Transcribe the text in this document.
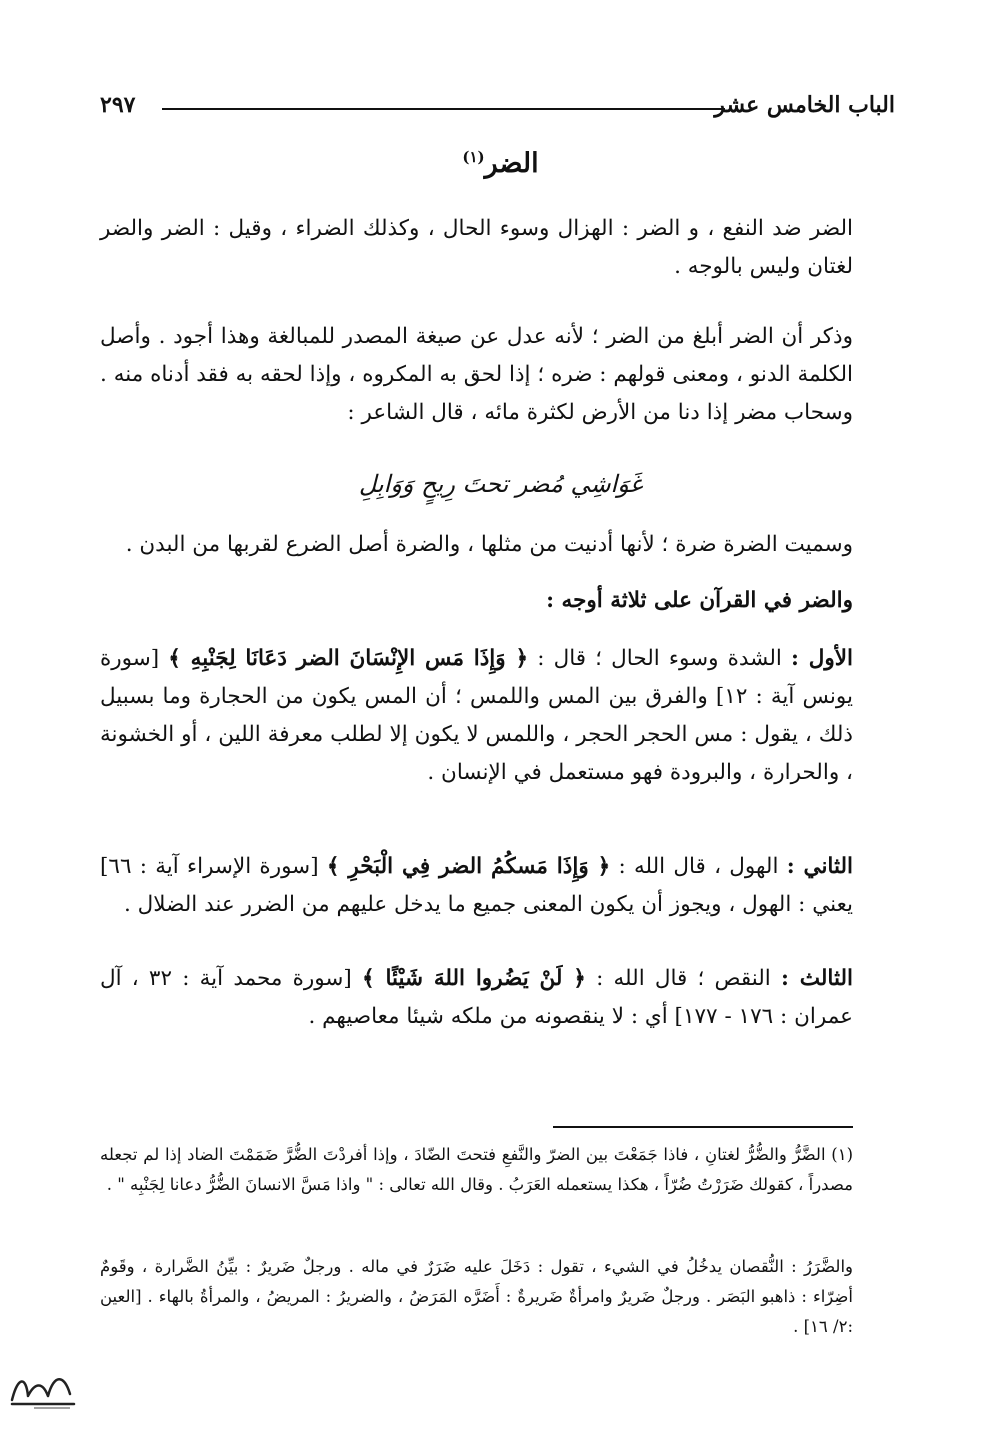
الباب الخامس عشر
٢٩٧
الضر$^{(١)}$

الضر ضد النفع ، و الضر : الهزال وسوء الحال ، وكذلك الضراء ، وقيل : الضر والضر لغتان وليس بالوجه .

وذكر أن الضر أبلغ من الضر ؛ لأنه عدل عن صيغة المصدر للمبالغة وهذا أجود . وأصل الكلمة الدنو ، ومعنى قولهم : ضره ؛ إذا لحق به المكروه ، وإذا لحقه به فقد أدناه منه . وسحاب مضر إذا دنا من الأرض لكثرة مائه ، قال الشاعر :

غَوَاشِي مُضر تحتَ رِيحٍ وَوَابِلِ

وسميت الضرة ضرة ؛ لأنها أدنيت من مثلها ، والضرة أصل الضرع لقربها من البدن .

والضر في القرآن على ثلاثة أوجه :

الأول : الشدة وسوء الحال ؛ قال : ﴿ وَإِذَا مَس الإِنْسَانَ الضر دَعَانَا لِجَنْبِهِ ﴾ [سورة يونس آية : ١٢] والفرق بين المس واللمس ؛ أن المس يكون من الحجارة وما بسبيل ذلك ، يقول : مس الحجر الحجر ، واللمس لا يكون إلا لطلب معرفة اللين ، أو الخشونة ، والحرارة ، والبرودة فهو مستعمل في الإنسان .

الثاني : الهول ، قال الله : ﴿ وَإِذَا مَسكُمُ الضر فِي الْبَحْرِ ﴾ [سورة الإسراء آية : ٦٦] يعني : الهول ، ويجوز أن يكون المعنى جميع ما يدخل عليهم من الضرر عند الضلال .

الثالث : النقص ؛ قال الله : ﴿ لَنْ يَضُروا اللهَ شَيْئًا ﴾ [سورة محمد آية : ٣٢ ، آل عمران : ١٧٦ - ١٧٧] أي : لا ينقصونه من ملكه شيئا معاصيهم .

(١) الضَّرُّ والضُّرُّ لغتانِ ، فاذا جَمَعْتَ بين الضرّ والنَّفعِ فتحتَ الضّادَ ، وإذا أفردْتَ الضُّرَّ ضَمَمْتَ الضاد إذا لم تجعله مصدراً ، كقولك ضَرَرْتُ ضُرّاً ، هكذا يستعمله العَرَبُ . وقال الله تعالى : " واذا مَسَّ الانسانَ الضُّرُّ دعانا لِجَنْبِه " .

والضَّرَرُ : النُّقصان يدخُلُ في الشيء ، تقول : دَخَلَ عليه ضَرَرٌ في ماله . ورجلٌ ضَريرٌ : بيِّنُ الضَّرارة ، وقَومٌ أضِرّاء : ذاهبو البَصَر . ورجلٌ ضَريرٌ وامرأةٌ ضَريرةٌ : أَضَرَّه المَرَضُ ، والضريرُ : المريضُ ، والمرأةُ بالهاء . [العين :٢/ ١٦] .
